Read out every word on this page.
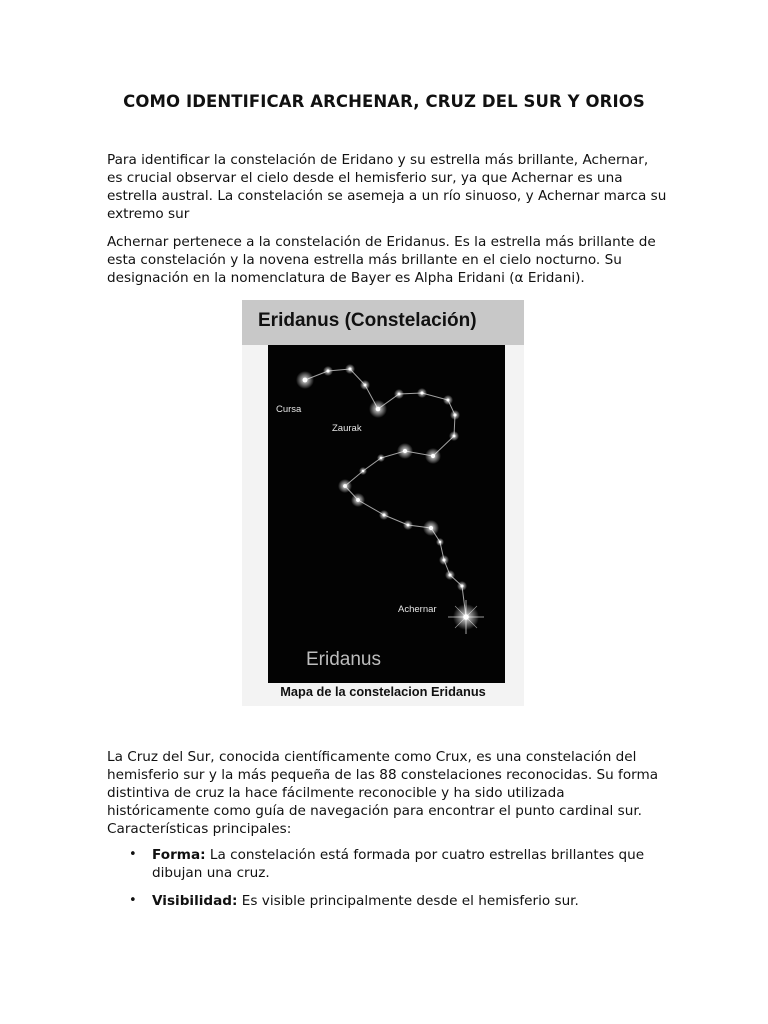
COMO IDENTIFICAR ARCHENAR, CRUZ DEL SUR Y ORIOS

Para identificar la constelación de Eridano y su estrella más brillante, Achernar, es crucial observar el cielo desde el hemisferio sur, ya que Achernar es una estrella austral. La constelación se asemeja a un río sinuoso, y Achernar marca su extremo sur

Achernar pertenece a la constelación de Eridanus. Es la estrella más brillante de esta constelación y la novena estrella más brillante en el cielo nocturno. Su designación en la nomenclatura de Bayer es Alpha Eridani (α Eridani).

Eridanus (Constelación)
Cursa
Zaurak
Achernar
Eridanus
Mapa de la constelacion Eridanus

La Cruz del Sur, conocida científicamente como Crux, es una constelación del hemisferio sur y la más pequeña de las 88 constelaciones reconocidas. Su forma distintiva de cruz la hace fácilmente reconocible y ha sido utilizada históricamente como guía de navegación para encontrar el punto cardinal sur. Características principales:

• Forma: La constelación está formada por cuatro estrellas brillantes que dibujan una cruz.
• Visibilidad: Es visible principalmente desde el hemisferio sur.
